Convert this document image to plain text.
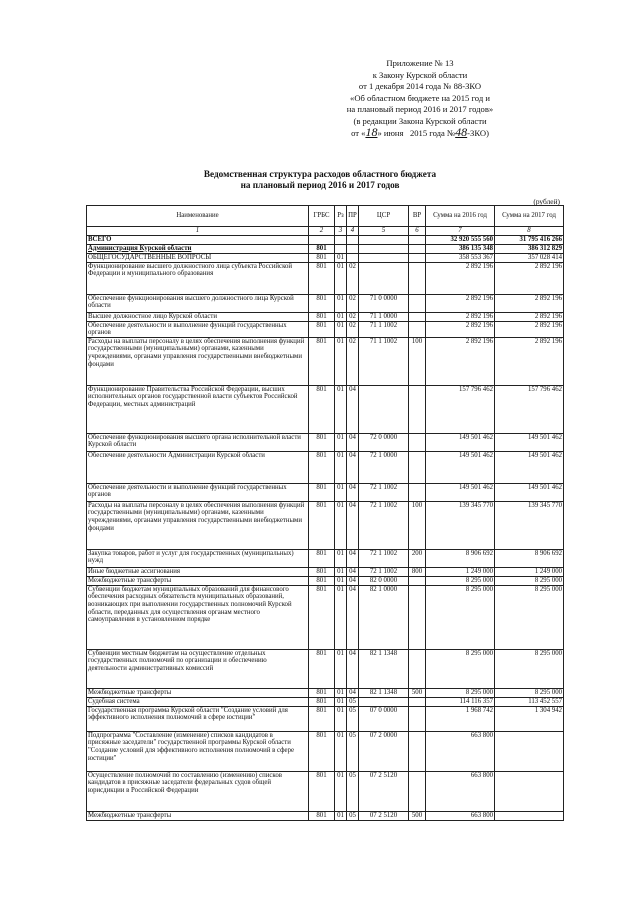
Приложение № 13
к Закону Курской области
от 1 декабря 2014 года № 88-ЗКО
«Об областном бюджете на 2015 год и
на плановый период 2016 и 2017 годов»
(в редакции Закона Курской области
от «18» июня 2015 года №48-ЗКО)
Ведомственная структура расходов областного бюджета
на плановый период 2016 и 2017 годов
(рублей)
Наименование	ГРБС	Рз	ПР	ЦСР	ВР	Сумма на 2016 год	Сумма на 2017 год
1	2	3	4	5	6	7	8
ВСЕГО						32 920 555 560	31 795 416 266
Администрация Курской области	801					386 135 348	386 312 829
ОБЩЕГОСУДАРСТВЕННЫЕ ВОПРОСЫ	801	01				358 553 367	357 028 414
Функционирование высшего должностного лица субъекта Российской Федерации и муниципального образования	801	01	02			2 892 196	2 892 196
Обеспечение функционирования высшего должностного лица Курской области	801	01	02	71 0 0000		2 892 196	2 892 196
Высшее должностное лицо Курской области	801	01	02	71 1 0000		2 892 196	2 892 196
Обеспечение деятельности и выполнение функций государственных органов	801	01	02	71 1 1002		2 892 196	2 892 196
Расходы на выплаты персоналу в целях обеспечения выполнения функций государственными (муниципальными) органами, казенными учреждениями, органами управления государственными внебюджетными фондами	801	01	02	71 1 1002	100	2 892 196	2 892 196
Функционирование Правительства Российской Федерации, высших исполнительных органов государственной власти субъектов Российской Федерации, местных администраций	801	01	04			157 796 462	157 796 462
Обеспечение функционирования высшего органа исполнительной власти Курской области	801	01	04	72 0 0000		149 501 462	149 501 462
Обеспечение деятельности Администрации Курской области	801	01	04	72 1 0000		149 501 462	149 501 462
Обеспечение деятельности и выполнение функций государственных органов	801	01	04	72 1 1002		149 501 462	149 501 462
Расходы на выплаты персоналу в целях обеспечения выполнения функций государственными (муниципальными) органами, казенными учреждениями, органами управления государственными внебюджетными фондами	801	01	04	72 1 1002	100	139 345 770	139 345 770
Закупка товаров, работ и услуг для государственных (муниципальных) нужд	801	01	04	72 1 1002	200	8 906 692	8 906 692
Иные бюджетные ассигнования	801	01	04	72 1 1002	800	1 249 000	1 249 000
Межбюджетные трансферты	801	01	04	82 0 0000		8 295 000	8 295 000
Субвенции бюджетам муниципальных образований для финансового обеспечения расходных обязательств муниципальных образований, возникающих при выполнении государственных полномочий Курской области, переданных для осуществления органам местного самоуправления в установленном порядке	801	01	04	82 1 0000		8 295 000	8 295 000
Субвенции местным бюджетам на осуществление отдельных государственных полномочий по организации и обеспечению деятельности административных комиссий	801	01	04	82 1 1348		8 295 000	8 295 000
Межбюджетные трансферты	801	01	04	82 1 1348	500	8 295 000	8 295 000
Судебная система	801	01	05			114 116 357	113 452 557
Государственная программа Курской области "Создание условий для эффективного исполнения полномочий в сфере юстиции"	801	01	05	07 0 0000		1 968 742	1 304 942
Подпрограмма "Составление (изменение) списков кандидатов в присяжные заседатели" государственной программы Курской области "Создание условий для эффективного исполнения полномочий в сфере юстиции"	801	01	05	07 2 0000		663 800	
Осуществление полномочий по составлению (изменению) списков кандидатов в присяжные заседатели федеральных судов общей юрисдикции в Российской Федерации	801	01	05	07 2 5120		663 800	
Межбюджетные трансферты	801	01	05	07 2 5120	500	663 800	
